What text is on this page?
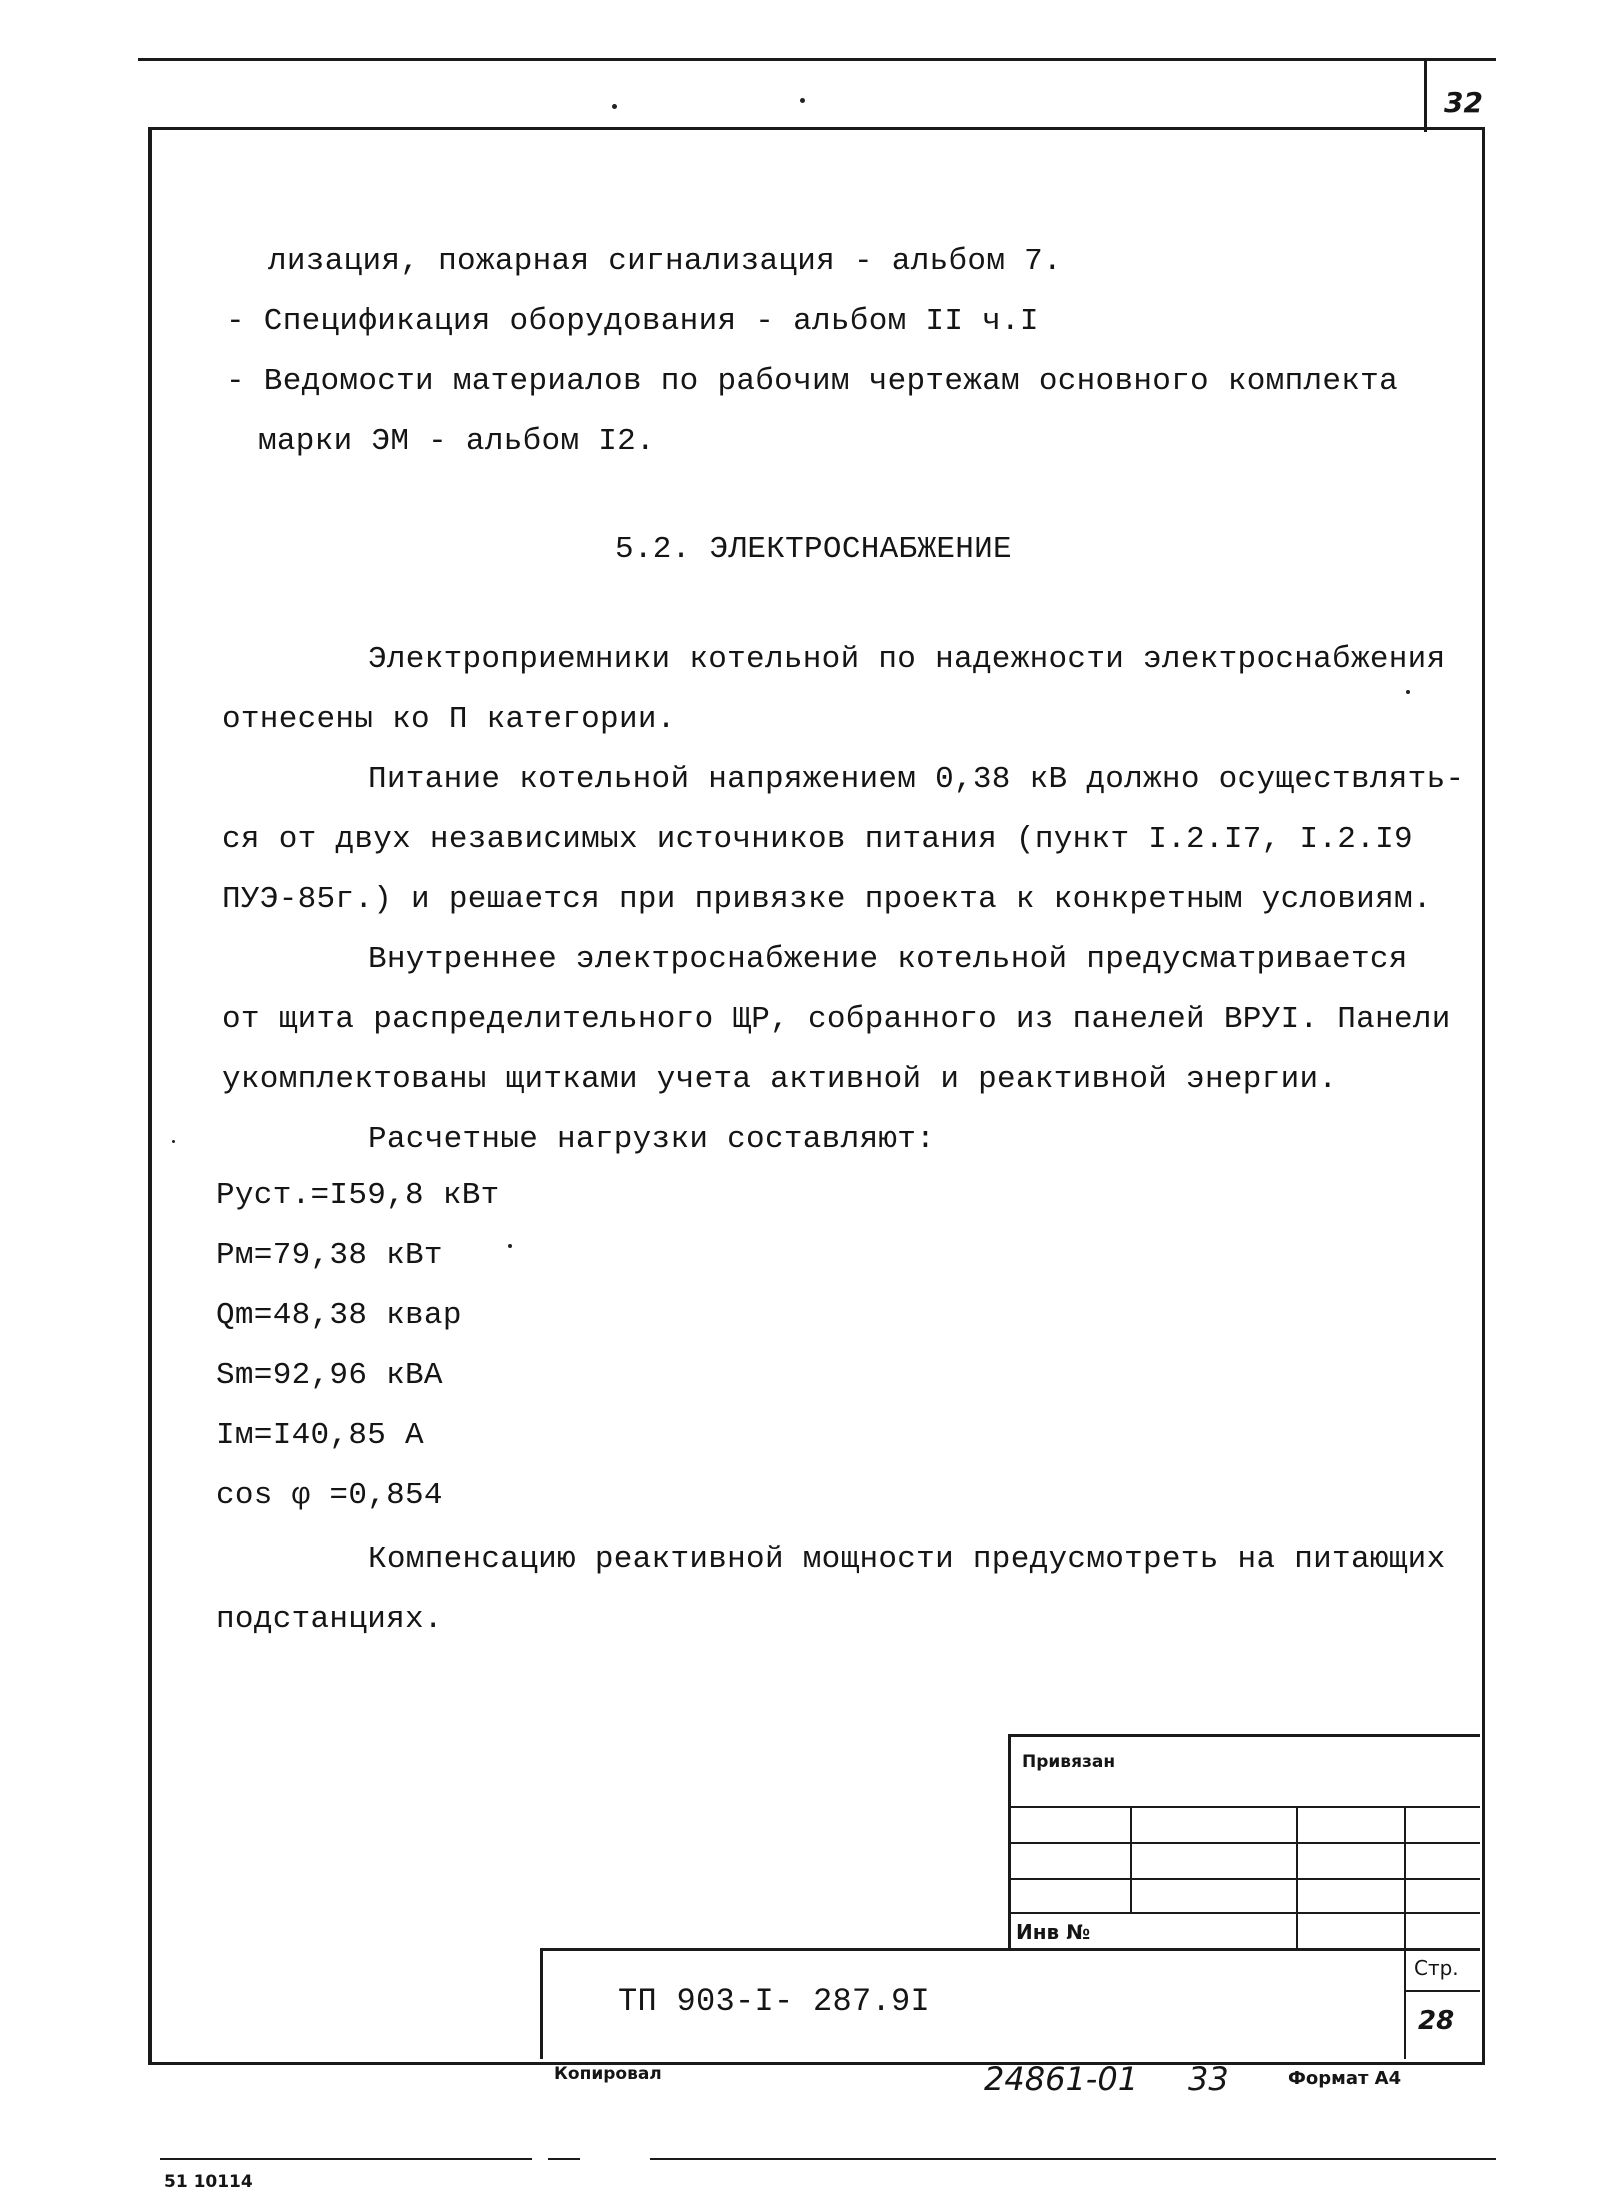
32
лизация, пожарная сигнализация - альбом 7.
- Спецификация оборудования - альбом II ч.I
- Ведомости материалов по рабочим чертежам основного комплекта
марки ЭМ - альбом I2.
5.2. ЭЛЕКТРОСНАБЖЕНИЕ
Электроприемники котельной по надежности электроснабжения
отнесены ко П категории.
Питание котельной напряжением 0,38 кВ должно осуществлять-
ся от двух независимых источников питания (пункт I.2.I7, I.2.I9
ПУЭ-85г.) и решается при привязке проекта к конкретным условиям.
Внутреннее электроснабжение котельной предусматривается
от щита распределительного ЩР, собранного из панелей ВРУI. Панели
укомплектованы щитками учета активной и реактивной энергии.
Расчетные нагрузки составляют:
Руст.=I59,8 кВт
Рм=79,38 кВт
Qm=48,38 квар
Sm=92,96 кВА
Iм=I40,85 А
cos φ =0,854
Компенсацию реактивной мощности предусмотреть на питающих
подстанциях.
Привязан
Инв №
ТП 903-I- 287.9I
Стр.
28
Копировал	24861-01 33	Формат А4
51 10114
